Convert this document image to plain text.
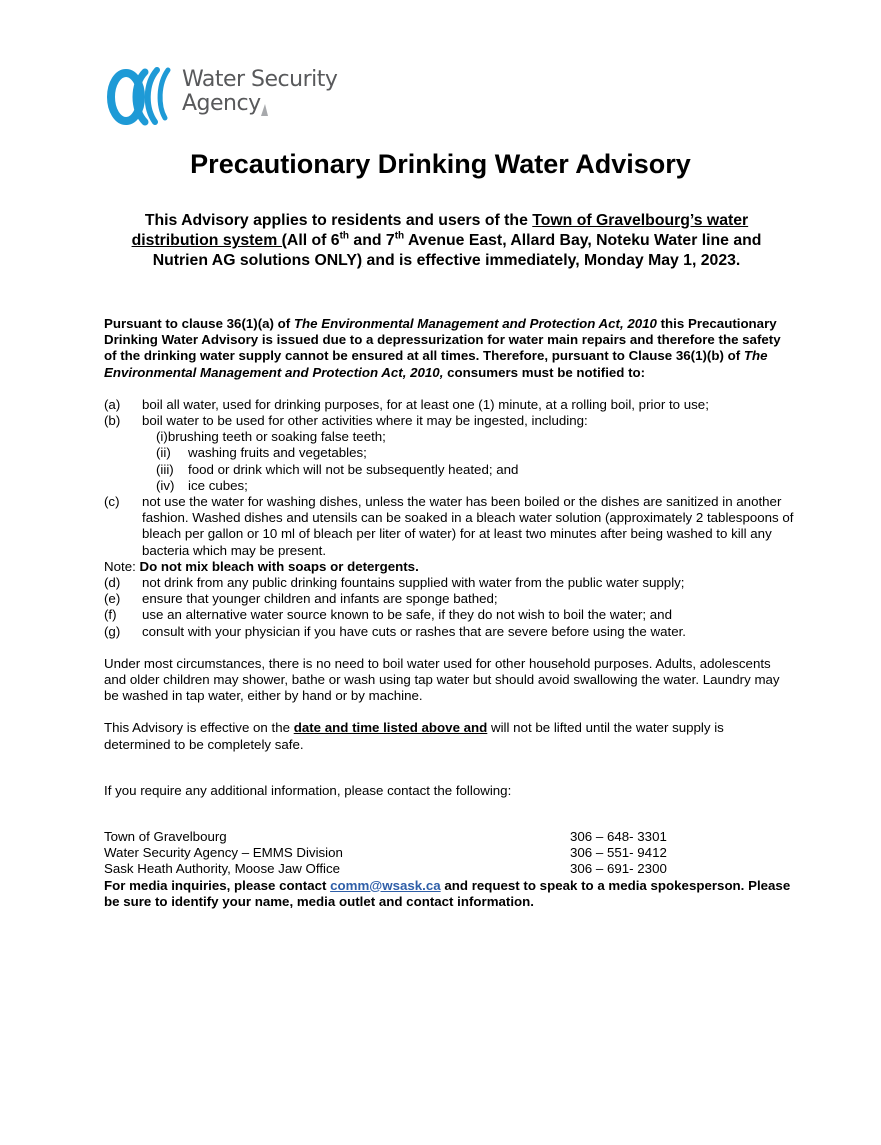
Water Security
Agency
Precautionary Drinking Water Advisory

This Advisory applies to residents and users of the Town of Gravelbourg’s water distribution system (All of 6th and 7th Avenue East, Allard Bay, Noteku Water line and Nutrien AG solutions ONLY) and is effective immediately, Monday May 1, 2023.

Pursuant to clause 36(1)(a) of The Environmental Management and Protection Act, 2010 this Precautionary Drinking Water Advisory is issued due to a depressurization for water main repairs and therefore the safety of the drinking water supply cannot be ensured at all times. Therefore, pursuant to Clause 36(1)(b) of The Environmental Management and Protection Act, 2010, consumers must be notified to:

(a)	boil all water, used for drinking purposes, for at least one (1) minute, at a rolling boil, prior to use;
(b)	boil water to be used for other activities where it may be ingested, including:
(i) brushing teeth or soaking false teeth;
(ii)	washing fruits and vegetables;
(iii)	food or drink which will not be subsequently heated; and
(iv)	ice cubes;
(c)	not use the water for washing dishes, unless the water has been boiled or the dishes are sanitized in another fashion. Washed dishes and utensils can be soaked in a bleach water solution (approximately 2 tablespoons of bleach per gallon or 10 ml of bleach per liter of water) for at least two minutes after being washed to kill any bacteria which may be present.
Note: Do not mix bleach with soaps or detergents.
(d)	not drink from any public drinking fountains supplied with water from the public water supply;
(e)	ensure that younger children and infants are sponge bathed;
(f)	use an alternative water source known to be safe, if they do not wish to boil the water; and
(g)	consult with your physician if you have cuts or rashes that are severe before using the water.

Under most circumstances, there is no need to boil water used for other household purposes. Adults, adolescents and older children may shower, bathe or wash using tap water but should avoid swallowing the water. Laundry may be washed in tap water, either by hand or by machine.

This Advisory is effective on the date and time listed above and will not be lifted until the water supply is determined to be completely safe.

If you require any additional information, please contact the following:

Town of Gravelbourg	306 – 648- 3301
Water Security Agency – EMMS Division	306 – 551- 9412
Sask Heath Authority, Moose Jaw Office	306 – 691- 2300

For media inquiries, please contact comm@wsask.ca and request to speak to a media spokesperson. Please be sure to identify your name, media outlet and contact information.
